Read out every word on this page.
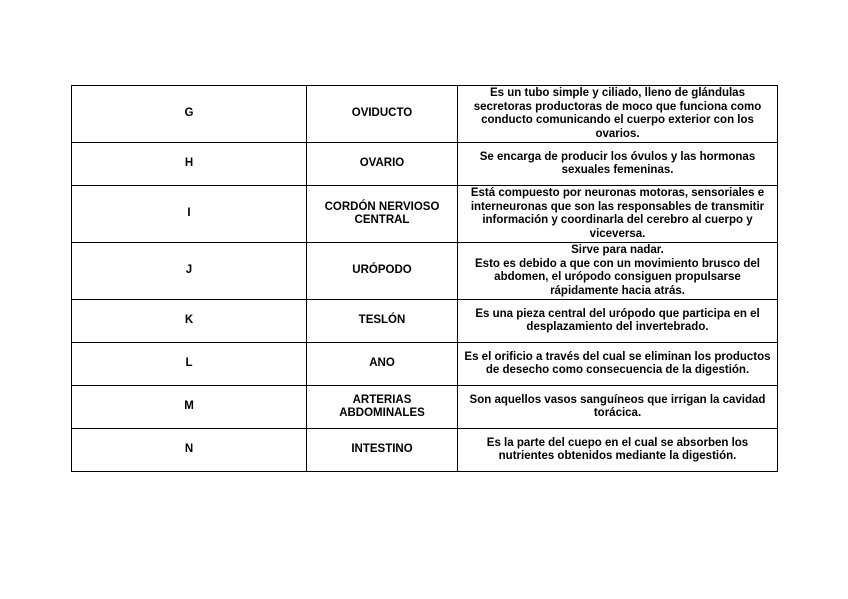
G	OVIDUCTO	Es un tubo simple y ciliado, lleno de glándulas secretoras productoras de moco que funciona como conducto comunicando el cuerpo exterior con los ovarios.

H	OVARIO	Se encarga de producir los óvulos y las hormonas sexuales femeninas.

I	CORDÓN NERVIOSO CENTRAL	Está compuesto por neuronas motoras, sensoriales e interneuronas que son las responsables de transmitir información y coordinarla del cerebro al cuerpo y viceversa.

J	URÓPODO	Sirve para nadar.
Esto es debido a que con un movimiento brusco del abdomen, el urópodo consiguen propulsarse rápidamente hacia atrás.

K	TESLÓN	Es una pieza central del urópodo que participa en el desplazamiento del invertebrado.

L	ANO	Es el orificio a través del cual se eliminan los productos de desecho como consecuencia de la digestión.

M	ARTERIAS ABDOMINALES	Son aquellos vasos sanguíneos que irrigan la cavidad torácica.

N	INTESTINO	Es la parte del cuepo en el cual se absorben los nutrientes obtenidos mediante la digestión.
